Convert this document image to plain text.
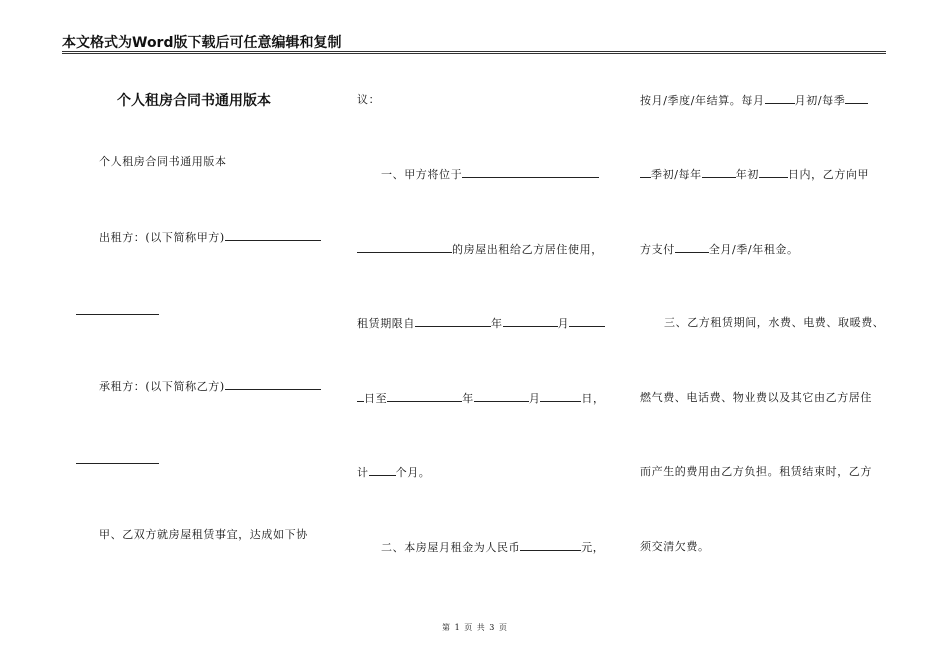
本文格式为Word版下载后可任意编辑和复制
个人租房合同书通用版本
个人租房合同书通用版本
出租方：(以下简称甲方)
承租方：(以下简称乙方)
甲、乙双方就房屋租赁事宜，达成如下协
议：
一、甲方将位于
的房屋出租给乙方居住使用，
租赁期限自	年	月
日至	年	月	日，
计 个月。
二、本房屋月租金为人民币	元，
按月/季度/年结算。每月	月初/每季
季初/每年	年初	日内，乙方向甲
方支付	全月/季/年租金。
三、乙方租赁期间，水费、电费、取暖费、
燃气费、电话费、物业费以及其它由乙方居住
而产生的费用由乙方负担。租赁结束时，乙方
须交清欠费。
第 1 页 共 3 页
